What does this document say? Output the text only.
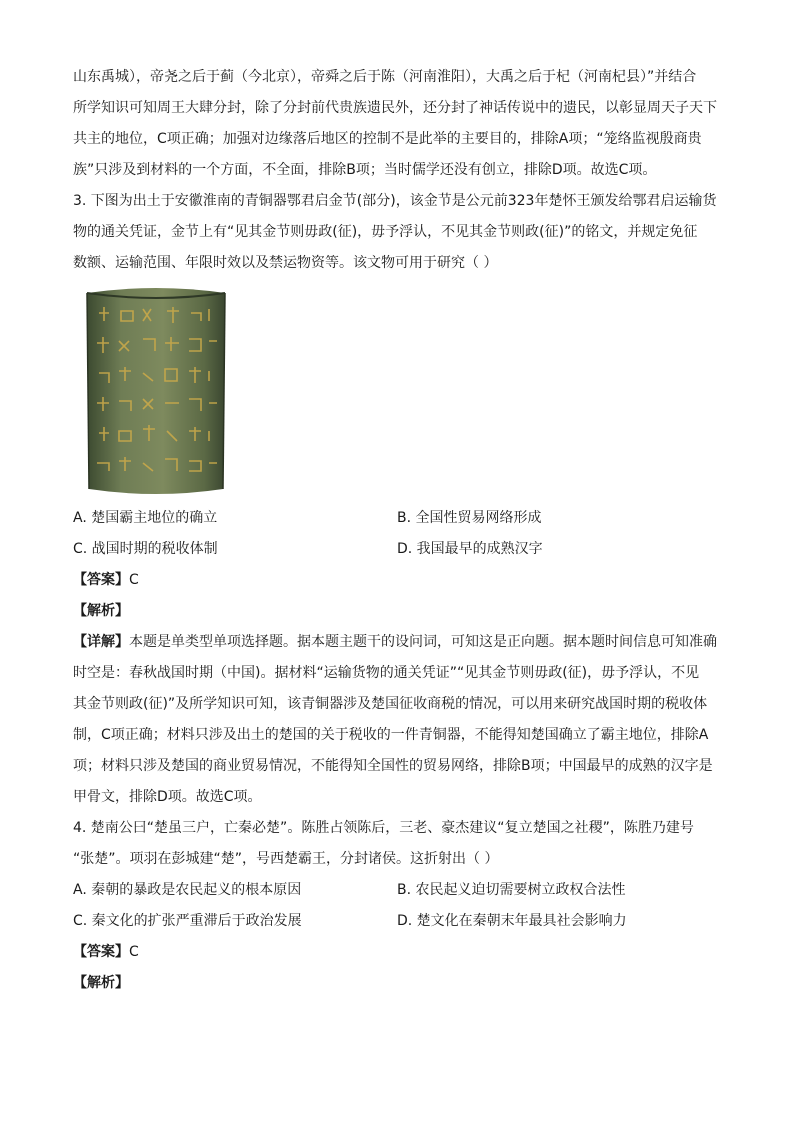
山东禹城），帝尧之后于蓟（今北京），帝舜之后于陈（河南淮阳），大禹之后于杞（河南杞县）”并结合

所学知识可知周王大肆分封，除了分封前代贵族遗民外，还分封了神话传说中的遗民，以彰显周天子天下

共主的地位，C项正确；加强对边缘落后地区的控制不是此举的主要目的，排除A项；“笼络监视殷商贵

族”只涉及到材料的一个方面，不全面，排除B项；当时儒学还没有创立，排除D项。故选C项。

3. 下图为出土于安徽淮南的青铜器鄂君启金节(部分)，该金节是公元前323年楚怀王颁发给鄂君启运输货

物的通关凭证，金节上有“见其金节则毋政(征)，毋予浮认，不见其金节则政(征)”的铭文，并规定免征

数额、运输范围、年限时效以及禁运物资等。该文物可用于研究（ ）

A. 楚国霸主地位的确立	B. 全国性贸易网络形成
C. 战国时期的税收体制	D. 我国最早的成熟汉字

【答案】C

【解析】

【详解】本题是单类型单项选择题。据本题主题干的设问词，可知这是正向题。据本题时间信息可知准确

时空是：春秋战国时期（中国)。据材料“运输货物的通关凭证”“见其金节则毋政(征)，毋予浮认，不见

其金节则政(征)”及所学知识可知，该青铜器涉及楚国征收商税的情况，可以用来研究战国时期的税收体

制，C项正确；材料只涉及出土的楚国的关于税收的一件青铜器，不能得知楚国确立了霸主地位，排除A

项；材料只涉及楚国的商业贸易情况，不能得知全国性的贸易网络，排除B项；中国最早的成熟的汉字是

甲骨文，排除D项。故选C项。

4. 楚南公曰“楚虽三户，亡秦必楚”。陈胜占领陈后，三老、豪杰建议“复立楚国之社稷”，陈胜乃建号

“张楚”。项羽在彭城建“楚”，号西楚霸王，分封诸侯。这折射出（ ）

A. 秦朝的暴政是农民起义的根本原因	B. 农民起义迫切需要树立政权合法性
C. 秦文化的扩张严重滞后于政治发展	D. 楚文化在秦朝末年最具社会影响力

【答案】C

【解析】
